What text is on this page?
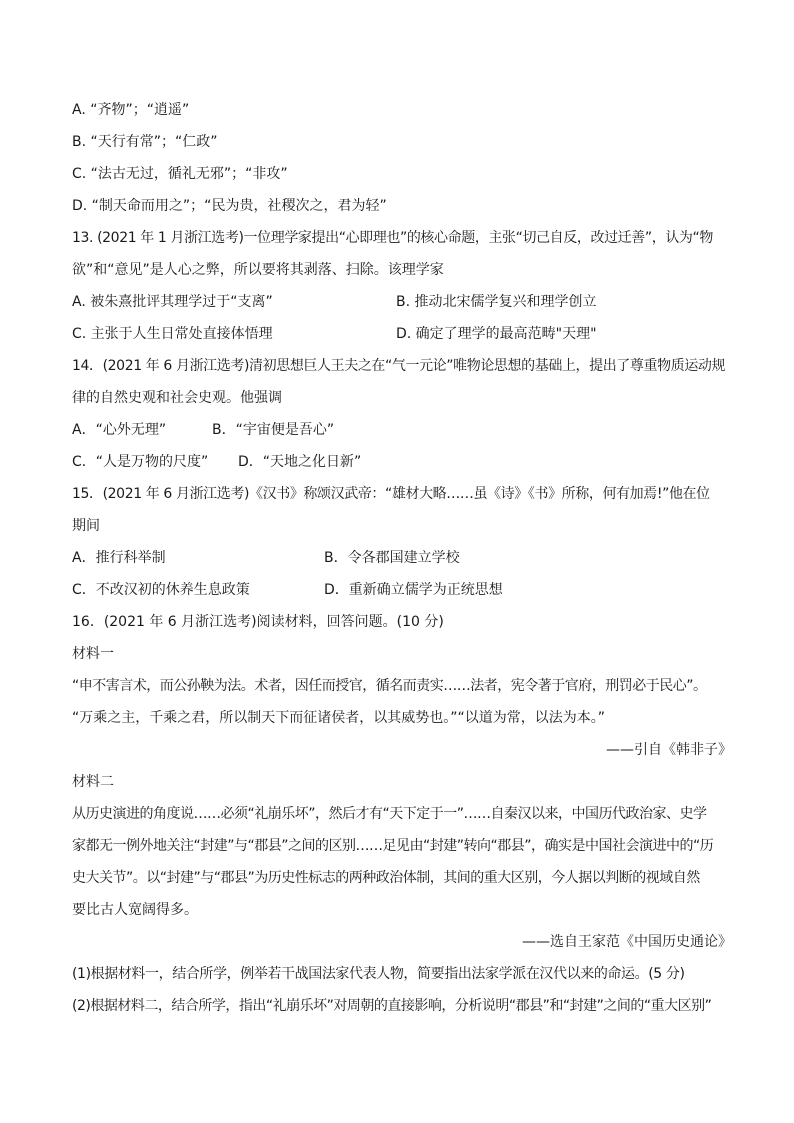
A. “齐物”；“逍遥”
B. “天行有常”；“仁政”
C. “法古无过，循礼无邪”；“非攻”
D. “制天命而用之”；“民为贵，社稷次之，君为轻”
13. (2021 年 1 月浙江选考)一位理学家提出“心即理也”的核心命题，主张“切己自反，改过迁善”，认为“物
欲”和“意见”是人心之弊，所以要将其剥落、扫除。该理学家
A. 被朱熹批评其理学过于“支离”	B. 推动北宋儒学复兴和理学创立
C. 主张于人生日常处直接体悟理	D. 确定了理学的最高范畴"天理"
14．(2021 年 6 月浙江选考)清初思想巨人王夫之在“气一元论”唯物论思想的基础上，提出了尊重物质运动规
律的自然史观和社会史观。他强调
A．“心外无理”	B．“宇宙便是吾心”
C．“人是万物的尺度” D．“天地之化日新”
15．(2021 年 6 月浙江选考)《汉书》称颂汉武帝：“雄材大略……虽《诗》《书》所称，何有加焉!”他在位
期间
A．推行科举制	B．令各郡国建立学校
C．不改汉初的休养生息政策	D．重新确立儒学为正统思想
16．(2021 年 6 月浙江选考)阅读材料，回答问题。(10 分)
材料一
“申不害言术，而公孙鞅为法。术者，因任而授官，循名而责实……法者，宪令著于官府，刑罚必于民心”。
“万乘之主，千乘之君，所以制天下而征诸侯者，以其威势也。”“以道为常，以法为本。”
——引自《韩非子》
材料二
从历史演进的角度说……必须“礼崩乐坏”，然后才有“天下定于一”……自秦汉以来，中国历代政治家、史学
家都无一例外地关注“封建”与“郡县”之间的区别……足见由“封建”转向“郡县”，确实是中国社会演进中的“历
史大关节”。以“封建”与“郡县”为历史性标志的两种政治体制，其间的重大区别，今人据以判断的视域自然
要比古人宽阔得多。
——选自王家范《中国历史通论》
(1)根据材料一，结合所学，例举若干战国法家代表人物，简要指出法家学派在汉代以来的命运。(5 分)
(2)根据材料二，结合所学，指出“礼崩乐坏”对周朝的直接影响，分析说明“郡县”和“封建”之间的“重大区别”
